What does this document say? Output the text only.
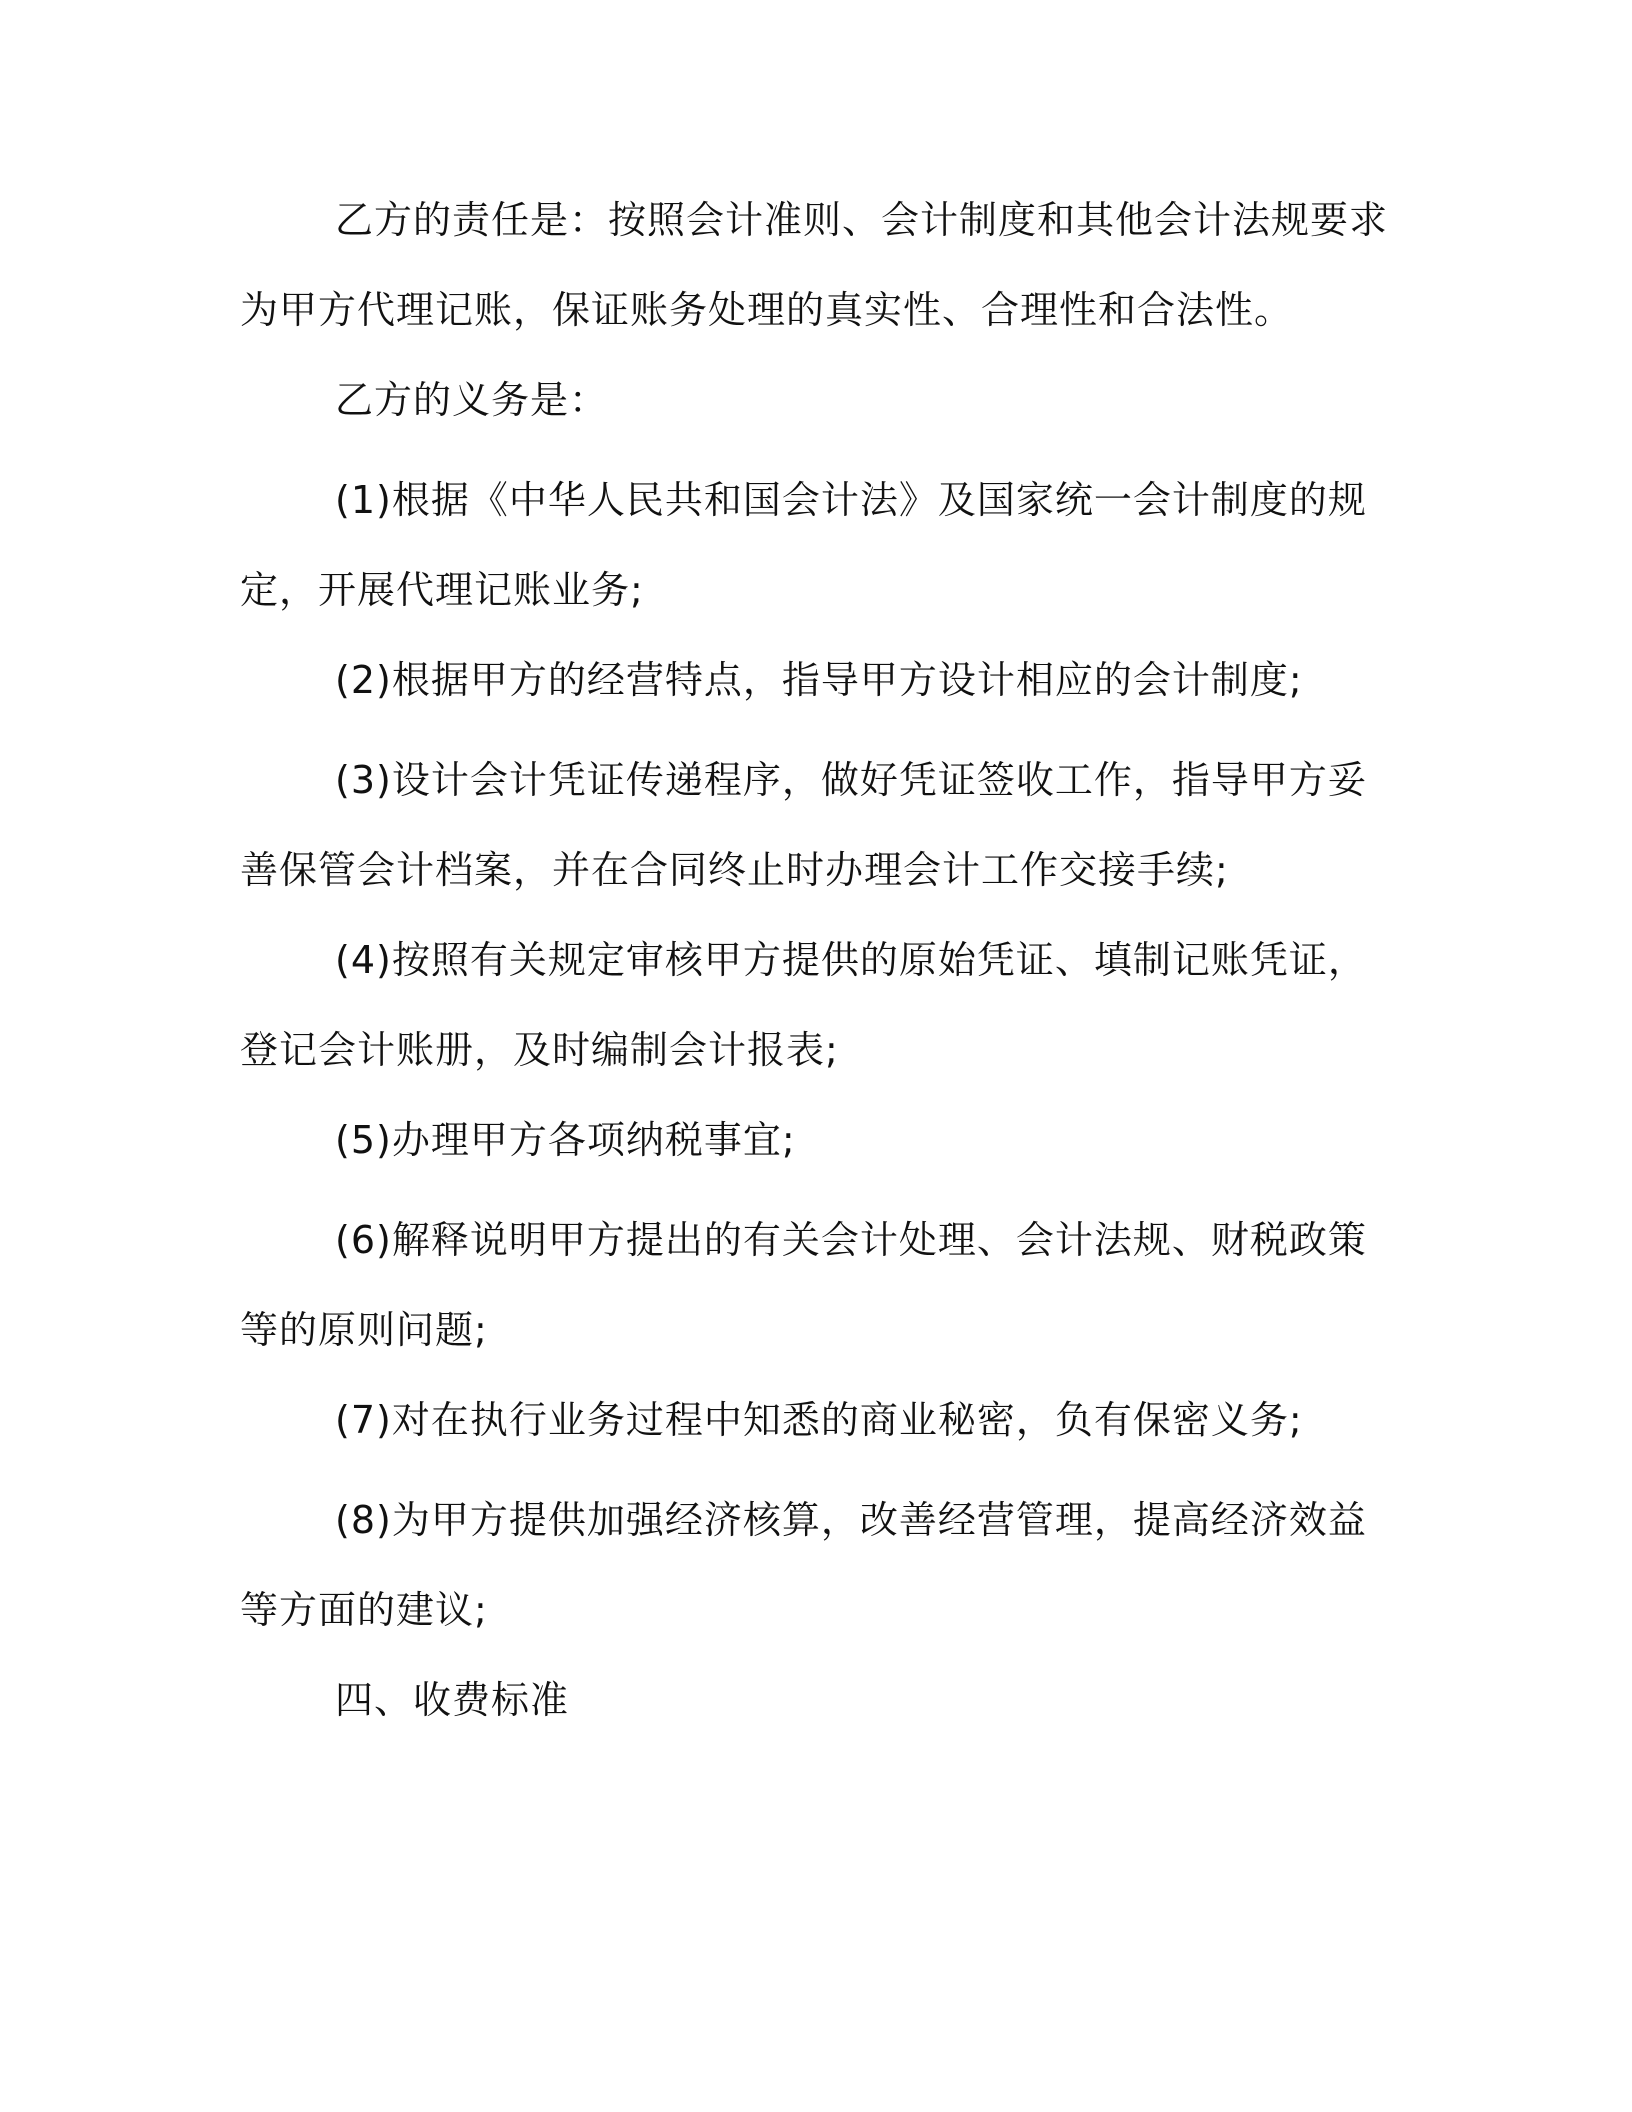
乙方的责任是：按照会计准则、会计制度和其他会计法规要求为甲方代理记账，保证账务处理的真实性、合理性和合法性。

乙方的义务是：

(1)根据《中华人民共和国会计法》及国家统一会计制度的规定，开展代理记账业务;

(2)根据甲方的经营特点，指导甲方设计相应的会计制度;

(3)设计会计凭证传递程序，做好凭证签收工作，指导甲方妥善保管会计档案，并在合同终止时办理会计工作交接手续;

(4)按照有关规定审核甲方提供的原始凭证、填制记账凭证，登记会计账册，及时编制会计报表;

(5)办理甲方各项纳税事宜;

(6)解释说明甲方提出的有关会计处理、会计法规、财税政策等的原则问题;

(7)对在执行业务过程中知悉的商业秘密，负有保密义务;

(8)为甲方提供加强经济核算，改善经营管理，提高经济效益等方面的建议;

四、收费标准
